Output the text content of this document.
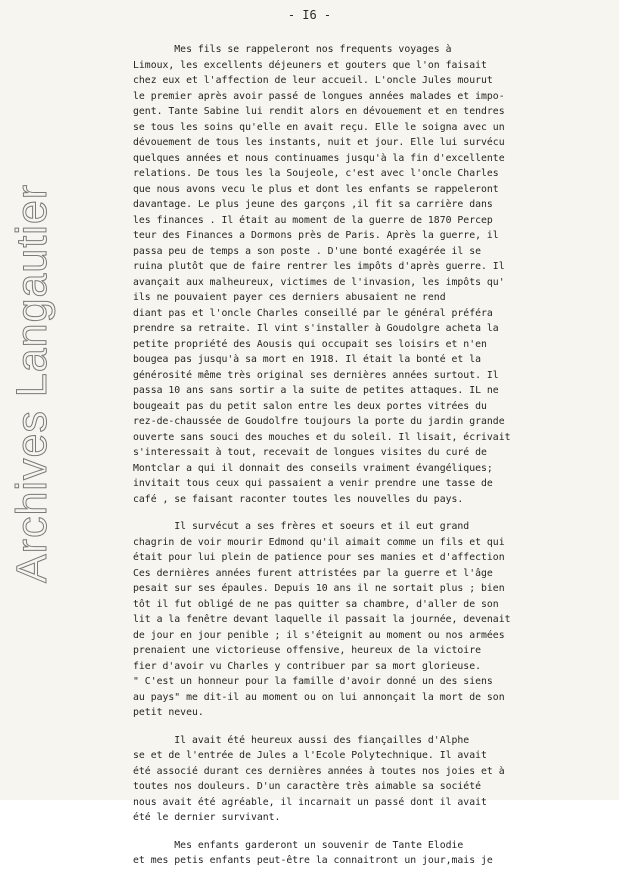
- I6 -
Archives Langautier
Mes fils se rappeleront nos frequents voyages à
Limoux, les excellents déjeuners et gouters que l'on faisait
chez eux et l'affection de leur accueil. L'oncle Jules mourut
le premier après avoir passé de longues années malades et impo-
gent. Tante Sabine lui rendit alors en dévouement et en tendres
se tous les soins qu'elle en avait reçu. Elle le soigna avec un
dévouement de tous les instants, nuit et jour. Elle lui survécu
quelques années et nous continuames jusqu'à la fin d'excellente
relations. De tous les la Soujeole, c'est avec l'oncle Charles
que nous avons vecu le plus et dont les enfants se rappeleront
davantage. Le plus jeune des garçons ,il fit sa carrière dans
les finances . Il était au moment de la guerre de 1870 Percep
teur des Finances a Dormons près de Paris. Après la guerre, il
passa peu de temps a son poste . D'une bonté exagérée il se
ruina plutôt que de faire rentrer les impôts d'après guerre. Il
avançait aux malheureux, victimes de l'invasion, les impôts qu'
ils ne pouvaient payer ces derniers abusaient ne rend
diant pas et l'oncle Charles conseillé par le général préféra
prendre sa retraite. Il vint s'installer à Goudolgre acheta la
petite propriété des Aousis qui occupait ses loisirs et n'en
bougea pas jusqu'à sa mort en 1918. Il était la bonté et la
générosité même très original ses dernières années surtout. Il
passa 10 ans sans sortir a la suite de petites attaques. IL ne
bougeait pas du petit salon entre les deux portes vitrées du
rez-de-chaussée de Goudolfre toujours la porte du jardin grande
ouverte sans souci des mouches et du soleil. Il lisait, écrivait
s'interessait à tout, recevait de longues visites du curé de
Montclar a qui il donnait des conseils vraiment évangéliques;
invitait tous ceux qui passaient a venir prendre une tasse de
café , se faisant raconter toutes les nouvelles du pays.
Il survécut a ses frères et soeurs et il eut grand
chagrin de voir mourir Edmond qu'il aimait comme un fils et qui
était pour lui plein de patience pour ses manies et d'affection
Ces dernières années furent attristées par la guerre et l'âge
pesait sur ses épaules. Depuis 10 ans il ne sortait plus ; bien
tôt il fut obligé de ne pas quitter sa chambre, d'aller de son
lit a la fenêtre devant laquelle il passait la journée, devenait
de jour en jour penible ; il s'éteignit au moment ou nos armées
prenaient une victorieuse offensive, heureux de la victoire
fier d'avoir vu Charles y contribuer par sa mort glorieuse.
" C'est un honneur pour la famille d'avoir donné un des siens
au pays" me dit-il au moment ou on lui annonçait la mort de son
petit neveu.
Il avait été heureux aussi des fiançailles d'Alphe
se et de l'entrée de Jules a l'Ecole Polytechnique. Il avait
été associé durant ces dernières années à toutes nos joies et à
toutes nos douleurs. D'un caractère très aimable sa société
nous avait été agréable, il incarnait un passé dont il avait
été le dernier survivant.
Mes enfants garderont un souvenir de Tante Elodie
et mes petis enfants peut-être la connaitront un jour,mais je
